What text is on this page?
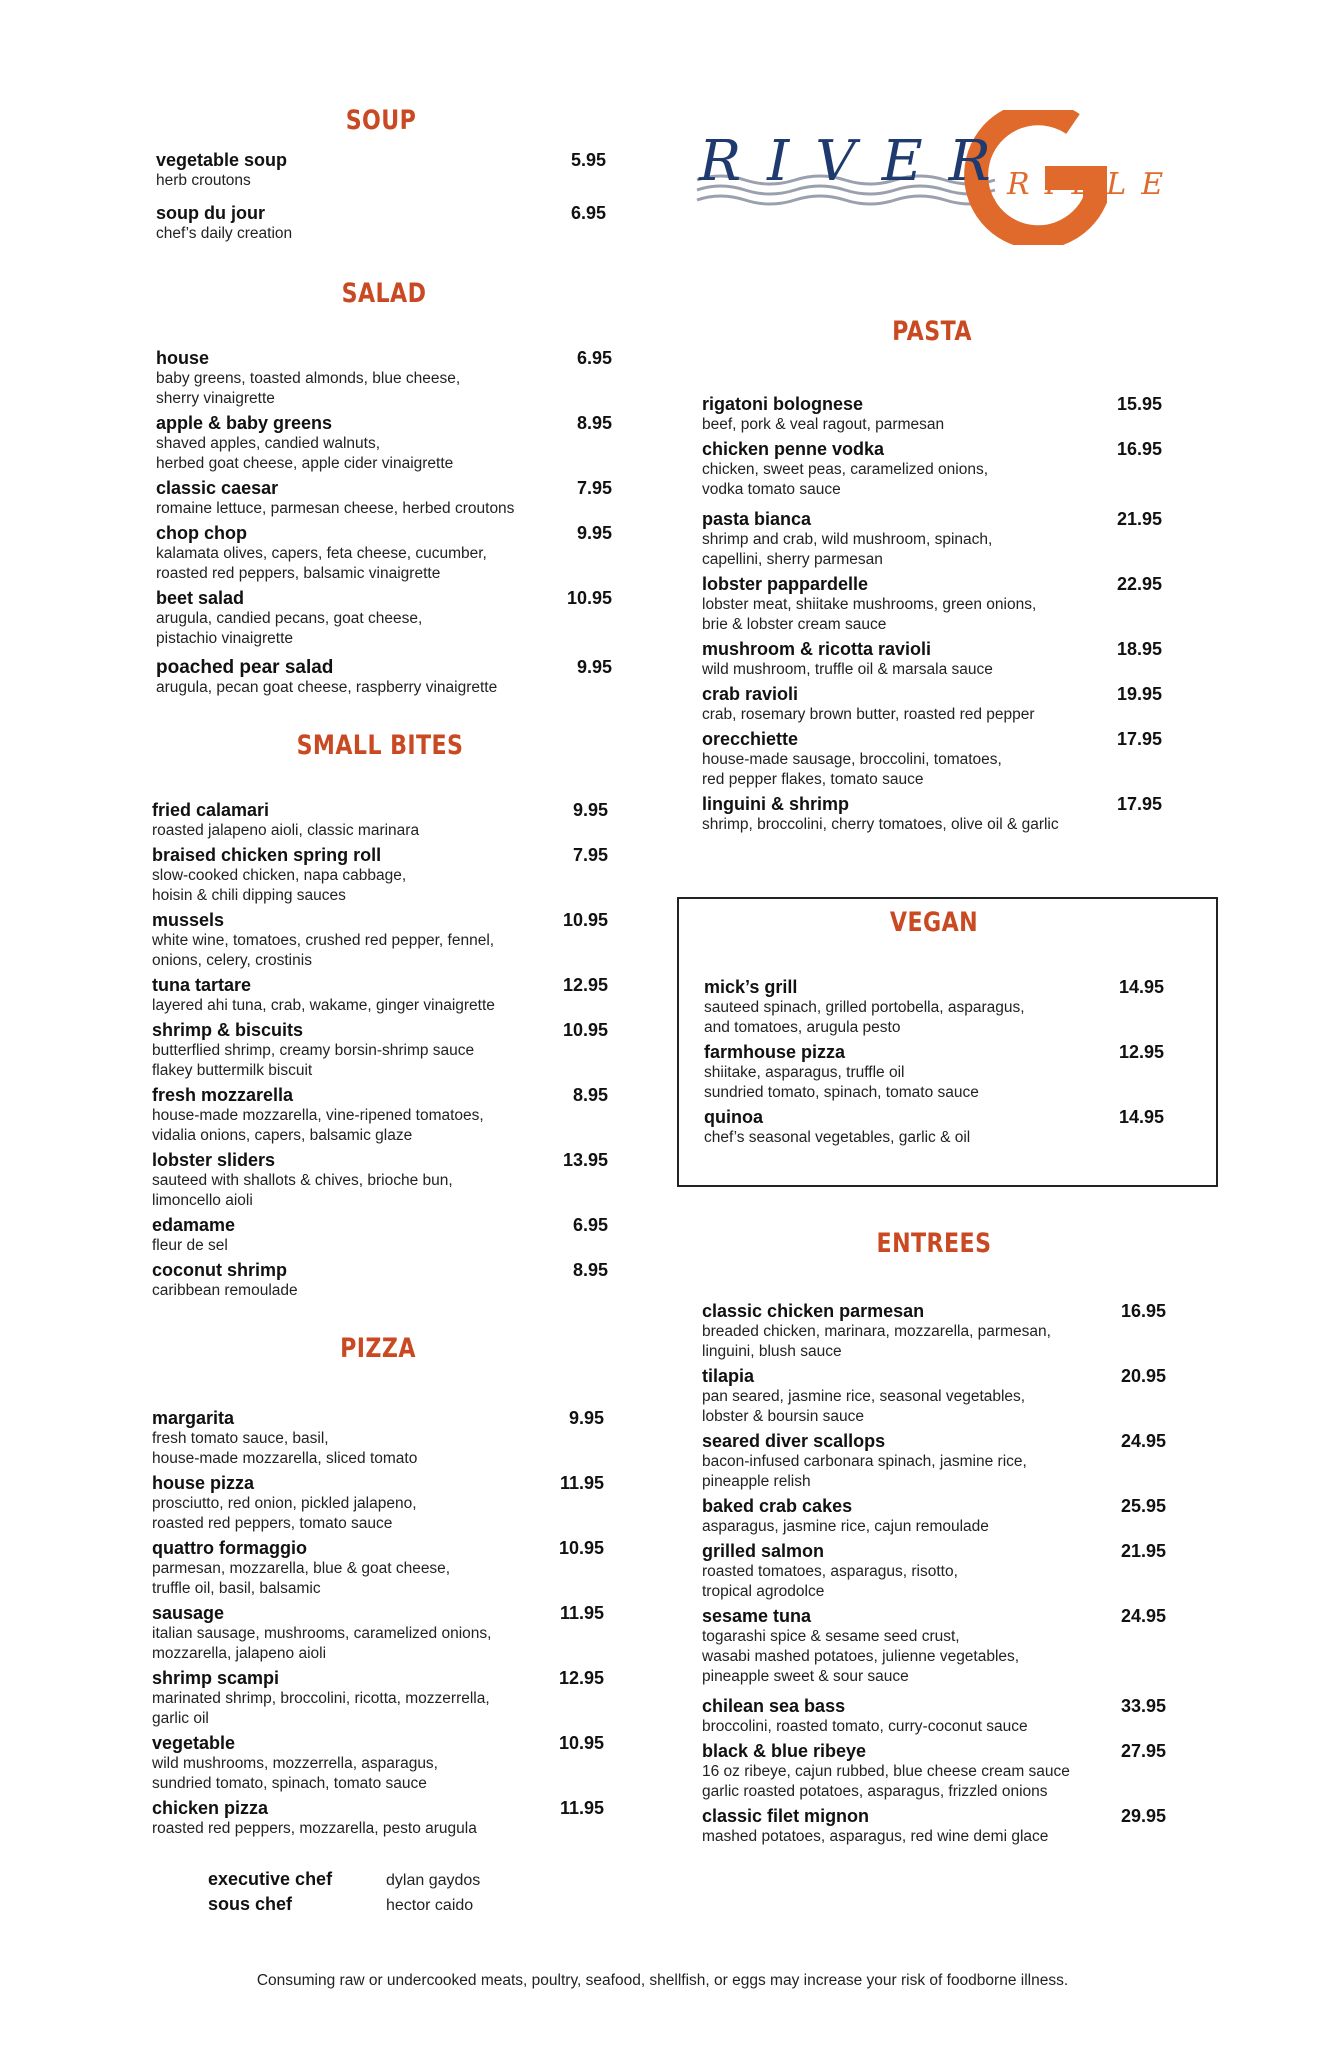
RIVER
RILLE
SOUP
vegetable soup	5.95
herb croutons
soup du jour	6.95
chef’s daily creation
SALAD
house	6.95
baby greens, toasted almonds, blue cheese,
sherry vinaigrette
apple & baby greens	8.95
shaved apples, candied walnuts,
herbed goat cheese, apple cider vinaigrette
classic caesar	7.95
romaine lettuce, parmesan cheese, herbed croutons
chop chop	9.95
kalamata olives, capers, feta cheese, cucumber,
roasted red peppers, balsamic vinaigrette
beet salad	10.95
arugula, candied pecans, goat cheese,
pistachio vinaigrette
poached pear salad	9.95
arugula, pecan goat cheese, raspberry vinaigrette
SMALL BITES
fried calamari	9.95
roasted jalapeno aioli, classic marinara
braised chicken spring roll	7.95
slow-cooked chicken, napa cabbage,
hoisin & chili dipping sauces
mussels	10.95
white wine, tomatoes, crushed red pepper, fennel,
onions, celery, crostinis
tuna tartare	12.95
layered ahi tuna, crab, wakame, ginger vinaigrette
shrimp & biscuits	10.95
butterflied shrimp, creamy borsin-shrimp sauce
flakey buttermilk biscuit
fresh mozzarella	8.95
house-made mozzarella, vine-ripened tomatoes,
vidalia onions, capers, balsamic glaze
lobster sliders	13.95
sauteed with shallots & chives, brioche bun,
limoncello aioli
edamame	6.95
fleur de sel
coconut shrimp	8.95
caribbean remoulade
PIZZA
margarita	9.95
fresh tomato sauce, basil,
house-made mozzarella, sliced tomato
house pizza	11.95
prosciutto, red onion, pickled jalapeno,
roasted red peppers, tomato sauce
quattro formaggio	10.95
parmesan, mozzarella, blue & goat cheese,
truffle oil, basil, balsamic
sausage	11.95
italian sausage, mushrooms, caramelized onions,
mozzarella, jalapeno aioli
shrimp scampi	12.95
marinated shrimp, broccolini, ricotta, mozzerrella,
garlic oil
vegetable	10.95
wild mushrooms, mozzerrella, asparagus,
sundried tomato, spinach, tomato sauce
chicken pizza	11.95
roasted red peppers, mozzarella, pesto arugula
PASTA
rigatoni bolognese	15.95
beef, pork & veal ragout, parmesan
chicken penne vodka	16.95
chicken, sweet peas, caramelized onions,
vodka tomato sauce
pasta bianca	21.95
shrimp and crab, wild mushroom, spinach,
capellini, sherry parmesan
lobster pappardelle	22.95
lobster meat, shiitake mushrooms, green onions,
brie & lobster cream sauce
mushroom & ricotta ravioli	18.95
wild mushroom, truffle oil & marsala sauce
crab ravioli	19.95
crab, rosemary brown butter, roasted red pepper
orecchiette	17.95
house-made sausage, broccolini, tomatoes,
red pepper flakes, tomato sauce
linguini & shrimp	17.95
shrimp, broccolini, cherry tomatoes, olive oil & garlic
VEGAN
mick’s grill	14.95
sauteed spinach, grilled portobella, asparagus,
and tomatoes, arugula pesto
farmhouse pizza	12.95
shiitake, asparagus, truffle oil
sundried tomato, spinach, tomato sauce
quinoa	14.95
chef’s seasonal vegetables, garlic & oil
ENTREES
classic chicken parmesan	16.95
breaded chicken, marinara, mozzarella, parmesan,
linguini, blush sauce
tilapia	20.95
pan seared, jasmine rice, seasonal vegetables,
lobster & boursin sauce
seared diver scallops	24.95
bacon-infused carbonara spinach, jasmine rice,
pineapple relish
baked crab cakes	25.95
asparagus, jasmine rice, cajun remoulade
grilled salmon	21.95
roasted tomatoes, asparagus, risotto,
tropical agrodolce
sesame tuna	24.95
togarashi spice & sesame seed crust,
wasabi mashed potatoes, julienne vegetables,
pineapple sweet & sour sauce
chilean sea bass	33.95
broccolini, roasted tomato, curry-coconut sauce
black & blue ribeye	27.95
16 oz ribeye, cajun rubbed, blue cheese cream sauce
garlic roasted potatoes, asparagus, frizzled onions
classic filet mignon	29.95
mashed potatoes, asparagus, red wine demi glace
executive chef	dylan gaydos
sous chef	hector caido
Consuming raw or undercooked meats, poultry, seafood, shellfish, or eggs may increase your risk of foodborne illness.
